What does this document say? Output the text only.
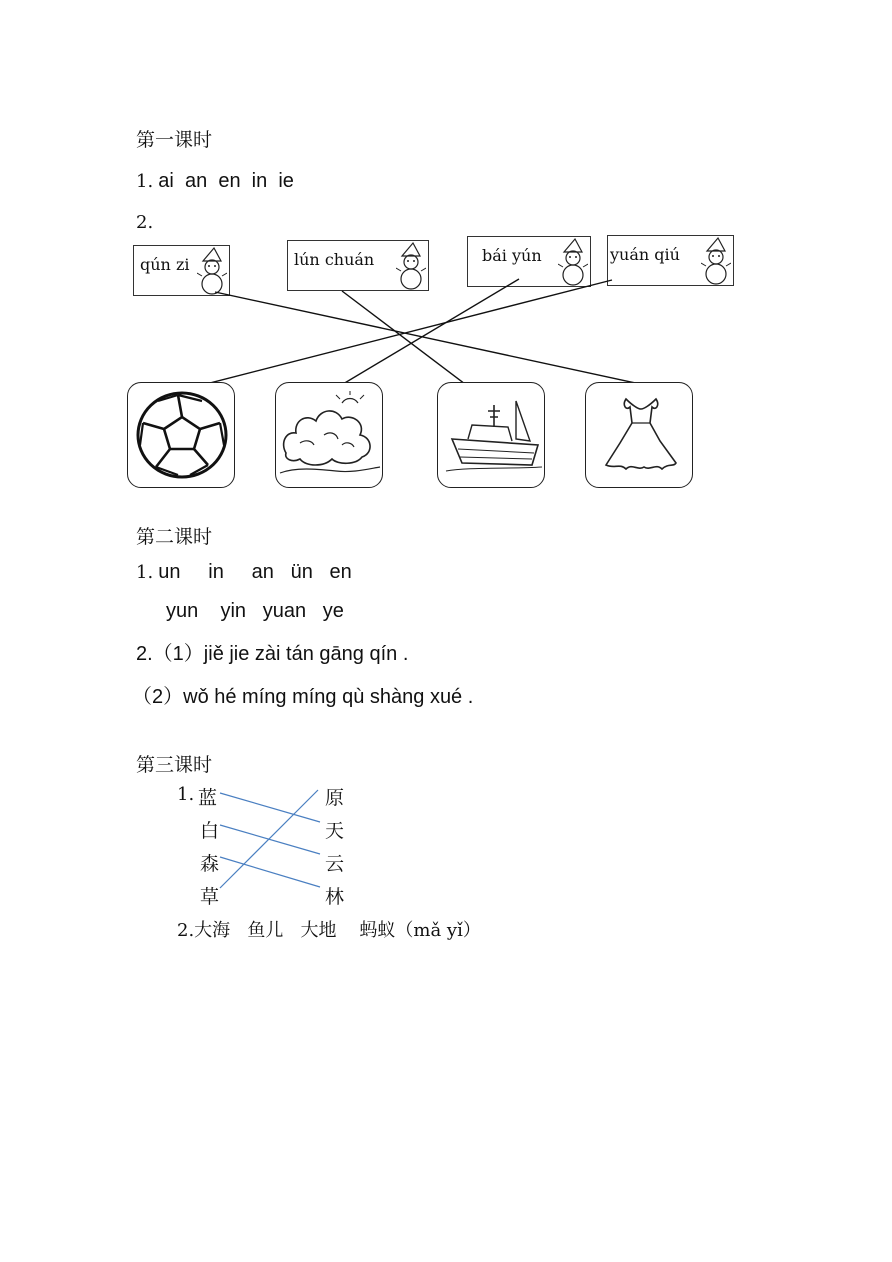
第一课时
1. ai  an  en  in  ie
2.
qún zi	lún chuán	bái yún	yuán qiú
第二课时
1. un     in     an   ün   en
yun    yin   yuan   ye
2.（1）jiě jie zài tán gāng qín .
（2）wǒ hé míng míng qù shàng xué .
第三课时
1. 蓝
白
森
草
原
天
云
林
2.大海   鱼儿   大地    蚂蚁（mǎ yǐ）
